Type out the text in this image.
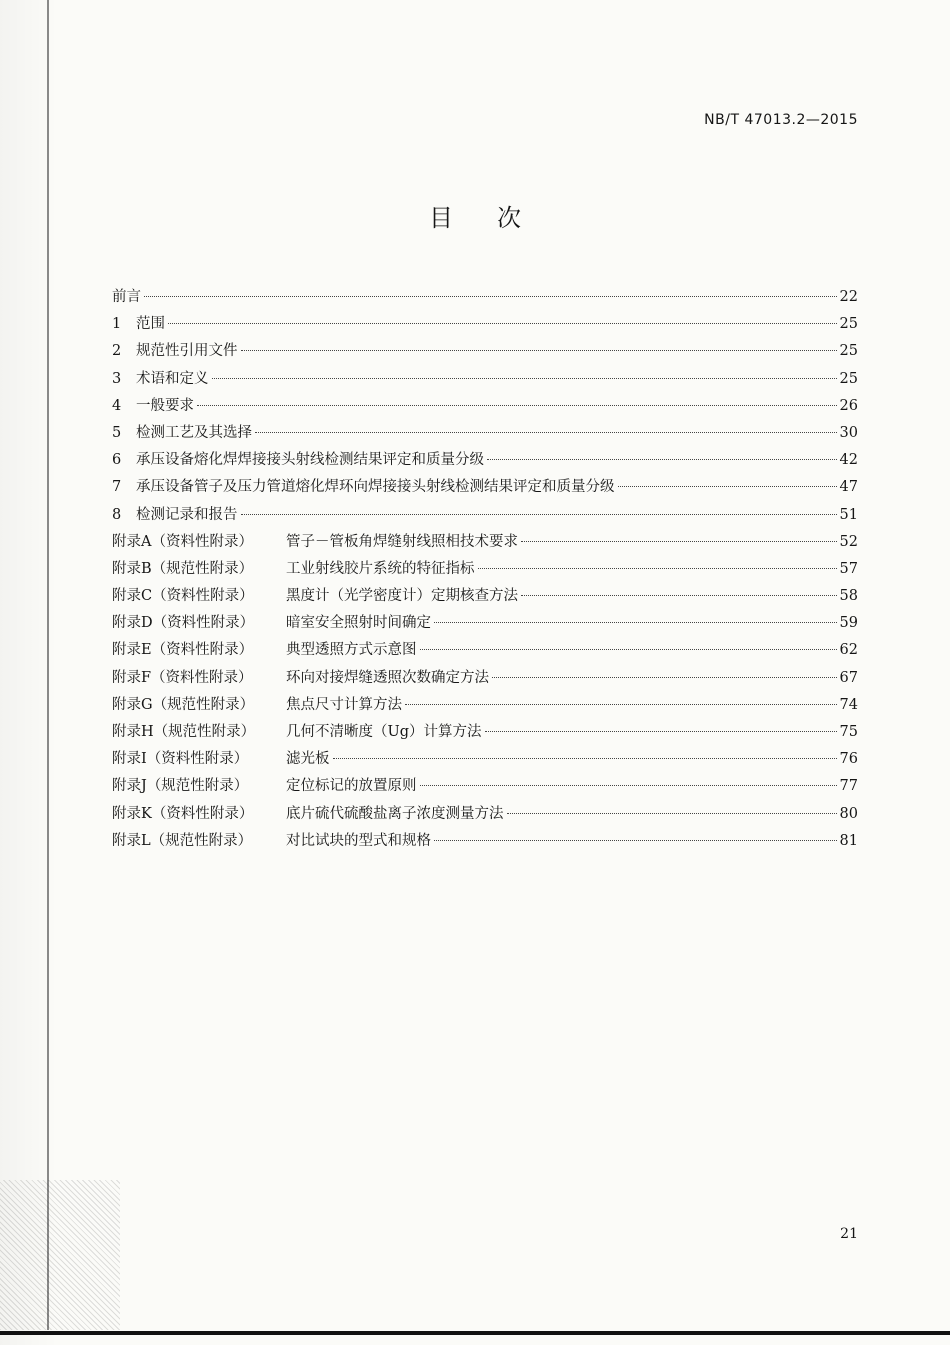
NB/T 47013.2—2015
目次
前言	22
1	范围	25
2	规范性引用文件	25
3	术语和定义	25
4	一般要求	26
5	检测工艺及其选择	30
6	承压设备熔化焊焊接接头射线检测结果评定和质量分级	42
7	承压设备管子及压力管道熔化焊环向焊接接头射线检测结果评定和质量分级	47
8	检测记录和报告	51
附录A（资料性附录）	管子－管板角焊缝射线照相技术要求	52
附录B（规范性附录）	工业射线胶片系统的特征指标	57
附录C（资料性附录）	黑度计（光学密度计）定期核查方法	58
附录D（资料性附录）	暗室安全照射时间确定	59
附录E（资料性附录）	典型透照方式示意图	62
附录F（资料性附录）	环向对接焊缝透照次数确定方法	67
附录G（规范性附录）	焦点尺寸计算方法	74
附录H（规范性附录）	几何不清晰度（Ug）计算方法	75
附录I（资料性附录）	滤光板	76
附录J（规范性附录）	定位标记的放置原则	77
附录K（资料性附录）	底片硫代硫酸盐离子浓度测量方法	80
附录L（规范性附录）	对比试块的型式和规格	81
21
